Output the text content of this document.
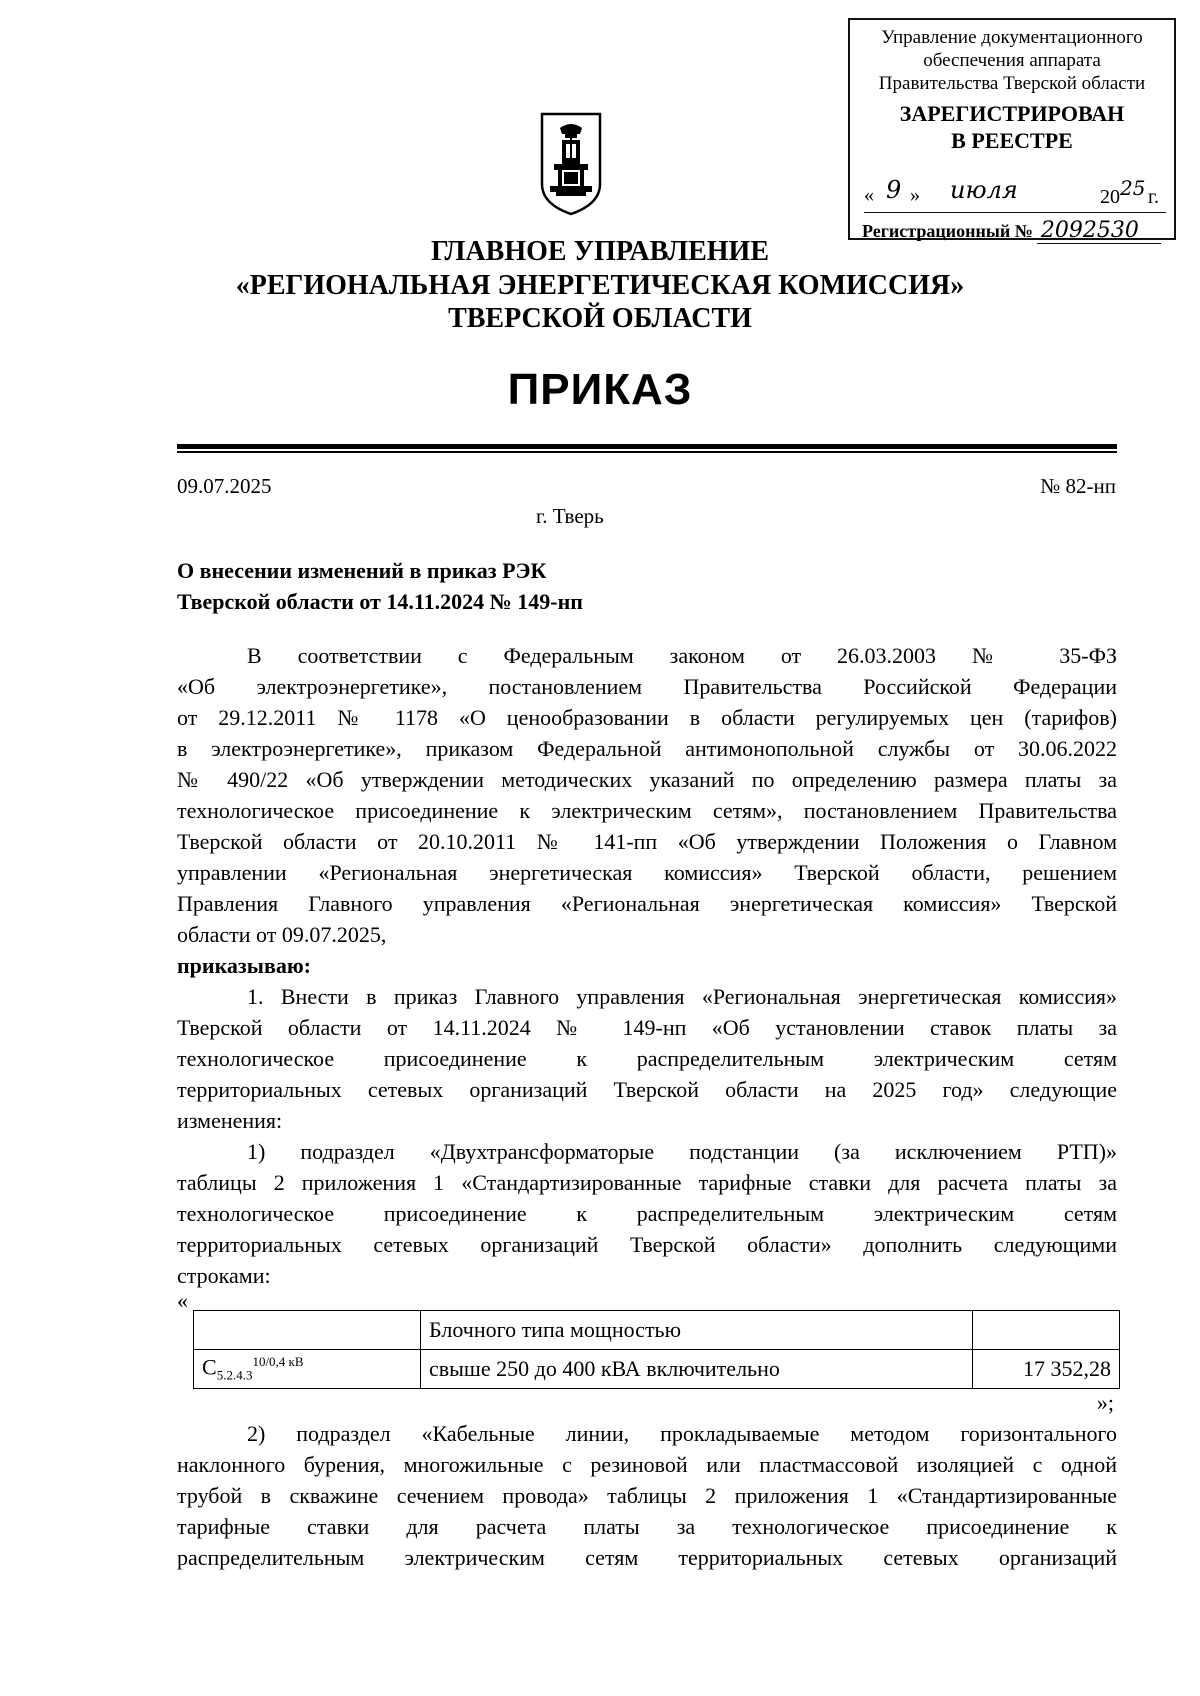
Управление документационного
обеспечения аппарата
Правительства Тверской области
ЗАРЕГИСТРИРОВАН
В РЕЕСТРЕ
« 9 » июля	20 25 г.
Регистрационный № 2092530
ГЛАВНОЕ УПРАВЛЕНИЕ
«РЕГИОНАЛЬНАЯ ЭНЕРГЕТИЧЕСКАЯ КОМИССИЯ»
ТВЕРСКОЙ ОБЛАСТИ
ПРИКАЗ
09.07.2025	№ 82-нп
г. Тверь
О внесении изменений в приказ РЭК
Тверской области от 14.11.2024 № 149-нп
В соответствии с Федеральным законом от 26.03.2003 № 35-ФЗ
«Об электроэнергетике», постановлением Правительства Российской Федерации
от 29.12.2011 № 1178 «О ценообразовании в области регулируемых цен (тарифов)
в электроэнергетике», приказом Федеральной антимонопольной службы от 30.06.2022
№ 490/22 «Об утверждении методических указаний по определению размера платы за
технологическое присоединение к электрическим сетям», постановлением Правительства
Тверской области от 20.10.2011 № 141-пп «Об утверждении Положения о Главном
управлении «Региональная энергетическая комиссия» Тверской области, решением
Правления Главного управления «Региональная энергетическая комиссия» Тверской
области от 09.07.2025,
приказываю:
1. Внести в приказ Главного управления «Региональная энергетическая комиссия»
Тверской области от 14.11.2024 № 149-нп «Об установлении ставок платы за
технологическое присоединение к распределительным электрическим сетям
территориальных сетевых организаций Тверской области на 2025 год» следующие
изменения:
1) подраздел «Двухтрансформаторые подстанции (за исключением РТП)»
таблицы 2 приложения 1 «Стандартизированные тарифные ставки для расчета платы за
технологическое присоединение к распределительным электрическим сетям
территориальных сетевых организаций Тверской области» дополнить следующими
строками:
«
	Блочного типа мощностью	
$С_{5.2.4.3}^{10/0,4 кВ}$	свыше 250 до 400 кВА включительно	17 352,28
»;
2) подраздел «Кабельные линии, прокладываемые методом горизонтального
наклонного бурения, многожильные с резиновой или пластмассовой изоляцией с одной
трубой в скважине сечением провода» таблицы 2 приложения 1 «Стандартизированные
тарифные ставки для расчета платы за технологическое присоединение к
распределительным электрическим сетям территориальных сетевых организаций
